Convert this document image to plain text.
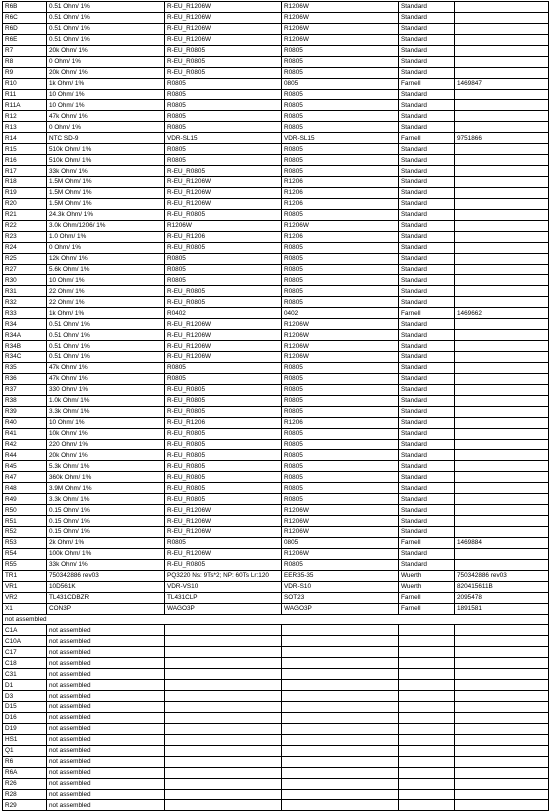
R6B	0.51 Ohm/ 1%	R-EU_R1206W	R1206W	Standard	
R6C	0.51 Ohm/ 1%	R-EU_R1206W	R1206W	Standard	
R6D	0.51 Ohm/ 1%	R-EU_R1206W	R1206W	Standard	
R6E	0.51 Ohm/ 1%	R-EU_R1206W	R1206W	Standard	
R7	20k Ohm/ 1%	R-EU_R0805	R0805	Standard	
R8	0 Ohm/ 1%	R-EU_R0805	R0805	Standard	
R9	20k Ohm/ 1%	R-EU_R0805	R0805	Standard	
R10	1k Ohm/ 1%	R0805	0805	Farnell	1469847
R11	10 Ohm/ 1%	R0805	R0805	Standard	
R11A	10 Ohm/ 1%	R0805	R0805	Standard	
R12	47k Ohm/ 1%	R0805	R0805	Standard	
R13	0 Ohm/ 1%	R0805	R0805	Standard	
R14	NTC SD-9	VDR-SL15	VDR-SL15	Farnell	9751866
R15	510k Ohm/ 1%	R0805	R0805	Standard	
R16	510k Ohm/ 1%	R0805	R0805	Standard	
R17	33k Ohm/ 1%	R-EU_R0805	R0805	Standard	
R18	1.5M Ohm/ 1%	R-EU_R1206W	R1206	Standard	
R19	1.5M Ohm/ 1%	R-EU_R1206W	R1206	Standard	
R20	1.5M Ohm/ 1%	R-EU_R1206W	R1206	Standard	
R21	24.3k Ohm/ 1%	R-EU_R0805	R0805	Standard	
R22	3.0k Ohm/1206/ 1%	R1206W	R1206W	Standard	
R23	1.0 Ohm/ 1%	R-EU_R1206	R1206	Standard	
R24	0 Ohm/ 1%	R-EU_R0805	R0805	Standard	
R25	12k Ohm/ 1%	R0805	R0805	Standard	
R27	5.6k Ohm/ 1%	R0805	R0805	Standard	
R30	10 Ohm/ 1%	R0805	R0805	Standard	
R31	22 Ohm/ 1%	R-EU_R0805	R0805	Standard	
R32	22 Ohm/ 1%	R-EU_R0805	R0805	Standard	
R33	1k Ohm/ 1%	R0402	0402	Farnell	1469662
R34	0.51 Ohm/ 1%	R-EU_R1206W	R1206W	Standard	
R34A	0.51 Ohm/ 1%	R-EU_R1206W	R1206W	Standard	
R34B	0.51 Ohm/ 1%	R-EU_R1206W	R1206W	Standard	
R34C	0.51 Ohm/ 1%	R-EU_R1206W	R1206W	Standard	
R35	47k Ohm/ 1%	R0805	R0805	Standard	
R36	47k Ohm/ 1%	R0805	R0805	Standard	
R37	330 Ohm/ 1%	R-EU_R0805	R0805	Standard	
R38	1.0k Ohm/ 1%	R-EU_R0805	R0805	Standard	
R39	3.3k Ohm/ 1%	R-EU_R0805	R0805	Standard	
R40	10 Ohm/ 1%	R-EU_R1206	R1206	Standard	
R41	10k Ohm/ 1%	R-EU_R0805	R0805	Standard	
R42	220 Ohm/ 1%	R-EU_R0805	R0805	Standard	
R44	20k Ohm/ 1%	R-EU_R0805	R0805	Standard	
R45	5.3k Ohm/ 1%	R-EU_R0805	R0805	Standard	
R47	360k Ohm/ 1%	R-EU_R0805	R0805	Standard	
R48	3.9M Ohm/ 1%	R-EU_R0805	R0805	Standard	
R49	3.3k Ohm/ 1%	R-EU_R0805	R0805	Standard	
R50	0.15 Ohm/ 1%	R-EU_R1206W	R1206W	Standard	
R51	0.15 Ohm/ 1%	R-EU_R1206W	R1206W	Standard	
R52	0.15 Ohm/ 1%	R-EU_R1206W	R1206W	Standard	
R53	2k Ohm/ 1%	R0805	0805	Farnell	1469884
R54	100k Ohm/ 1%	R-EU_R1206W	R1206W	Standard	
R55	33k Ohm/ 1%	R-EU_R0805	R0805	Standard	
TR1	750342886 rev03	PQ3220 Ns: 9Ts*2; NP: 60Ts Lr:120	EER35-35	Wuerth	750342886 rev03
VR1	10D561K	VDR-VS10	VDR-S10	Wuerth	820415611B
VR2	TL431CDBZR	TL431CLP	SOT23	Farnell	2095478
X1	CON3P	WAGO3P	WAGO3P	Farnell	1891581
not assembled					
C1A	not assembled				
C10A	not assembled				
C17	not assembled				
C18	not assembled				
C31	not assembled				
D1	not assembled				
D3	not assembled				
D15	not assembled				
D16	not assembled				
D19	not assembled				
HS1	not assembled				
Q1	not assembled				
R6	not assembled				
R6A	not assembled				
R26	not assembled				
R28	not assembled				
R29	not assembled				
